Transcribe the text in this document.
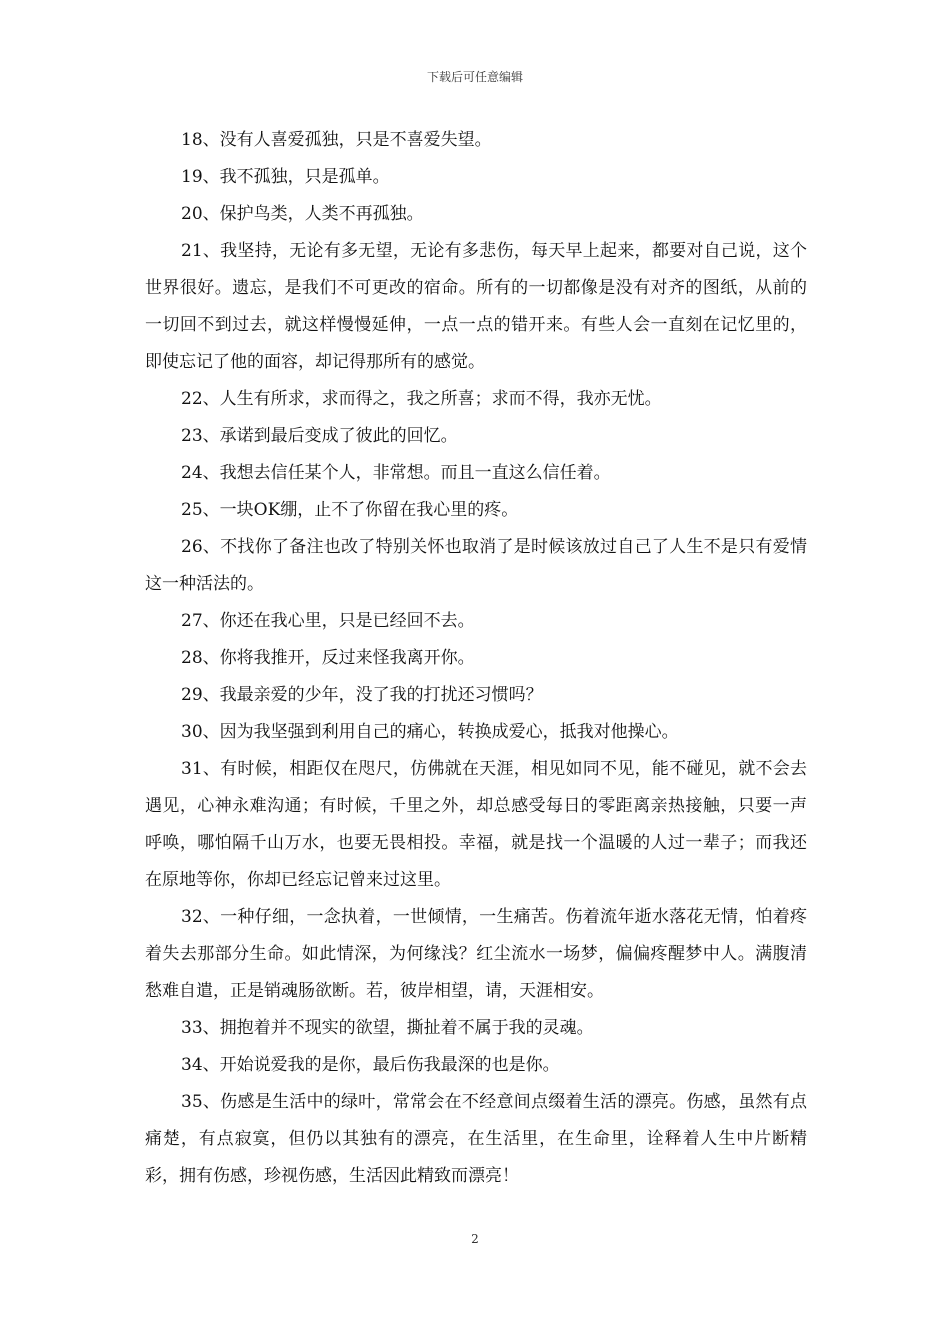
下载后可任意编辑

18、没有人喜爱孤独，只是不喜爱失望。

19、我不孤独，只是孤单。

20、保护鸟类，人类不再孤独。

21、我坚持，无论有多无望，无论有多悲伤，每天早上起来，都要对自己说，这个世界很好。遗忘，是我们不可更改的宿命。所有的一切都像是没有对齐的图纸，从前的一切回不到过去，就这样慢慢延伸，一点一点的错开来。有些人会一直刻在记忆里的，即使忘记了他的面容，却记得那所有的感觉。

22、人生有所求，求而得之，我之所喜；求而不得，我亦无忧。

23、承诺到最后变成了彼此的回忆。

24、我想去信任某个人，非常想。而且一直这么信任着。

25、一块OK绷，止不了你留在我心里的疼。

26、不找你了备注也改了特别关怀也取消了是时候该放过自己了人生不是只有爱情这一种活法的。

27、你还在我心里，只是已经回不去。

28、你将我推开，反过来怪我离开你。

29、我最亲爱的少年，没了我的打扰还习惯吗？

30、因为我坚强到利用自己的痛心，转换成爱心，抵我对他操心。

31、有时候，相距仅在咫尺，仿佛就在天涯，相见如同不见，能不碰见，就不会去遇见，心神永难沟通；有时候，千里之外，却总感受每日的零距离亲热接触，只要一声呼唤，哪怕隔千山万水，也要无畏相投。幸福，就是找一个温暖的人过一辈子；而我还在原地等你，你却已经忘记曾来过这里。

32、一种仔细，一念执着，一世倾情，一生痛苦。伤着流年逝水落花无情，怕着疼着失去那部分生命。如此情深，为何缘浅？红尘流水一场梦，偏偏疼醒梦中人。满腹清愁难自遣，正是销魂肠欲断。若，彼岸相望，请，天涯相安。

33、拥抱着并不现实的欲望，撕扯着不属于我的灵魂。

34、开始说爱我的是你，最后伤我最深的也是你。

35、伤感是生活中的绿叶，常常会在不经意间点缀着生活的漂亮。伤感，虽然有点痛楚，有点寂寞，但仍以其独有的漂亮，在生活里，在生命里，诠释着人生中片断精彩，拥有伤感，珍视伤感，生活因此精致而漂亮！

2
